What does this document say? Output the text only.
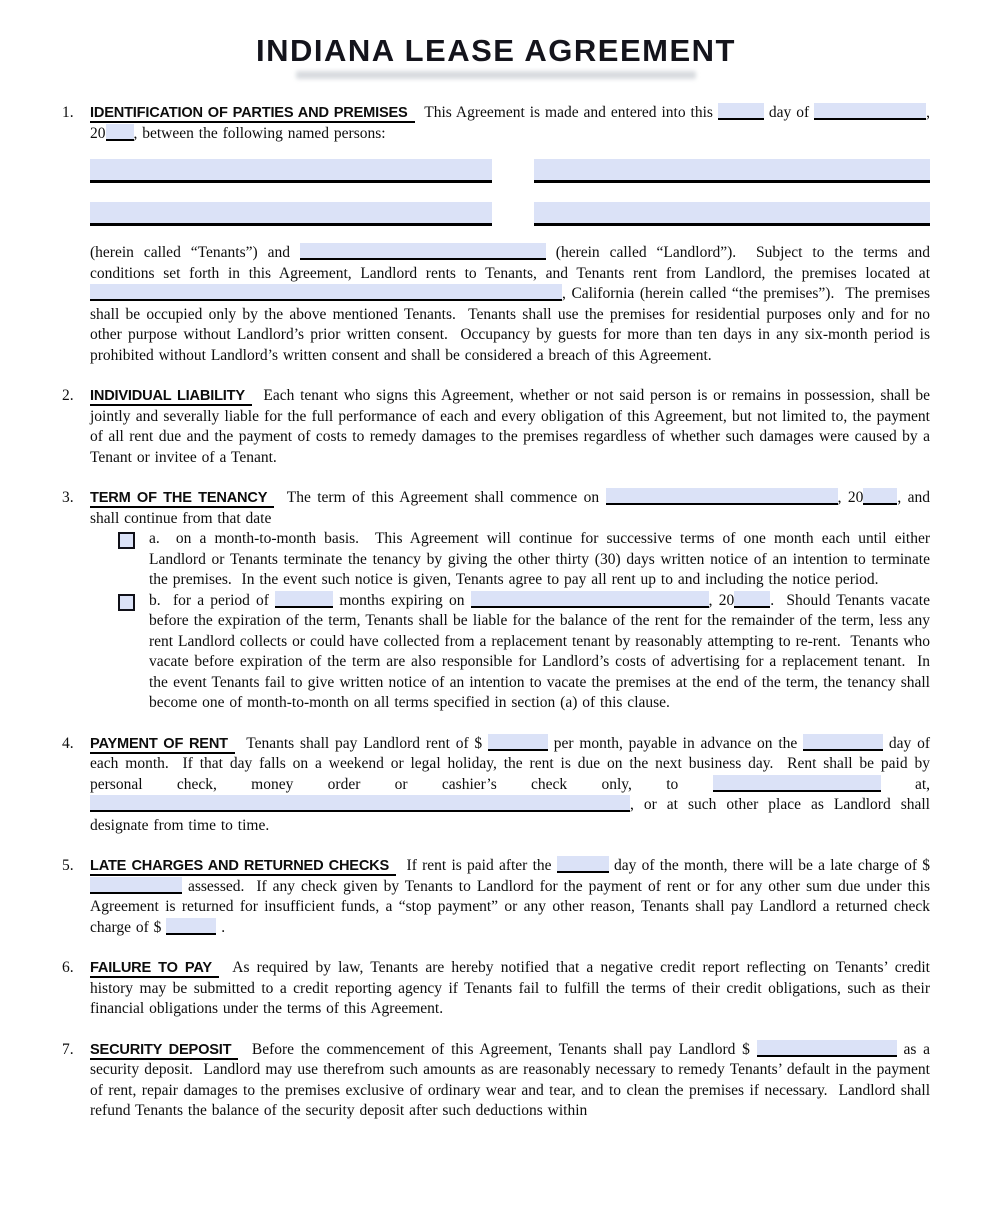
INDIANA LEASE AGREEMENT
1.	IDENTIFICATION OF PARTIES AND PREMISES This Agreement is made and entered into this	day of	, 20 , between the following named persons:

(herein called “Tenants”) and	(herein called “Landlord”).  Subject to the terms and conditions set forth in this Agreement, Landlord rents to Tenants, and Tenants rent from Landlord, the premises located at , California (herein called “the premises”).  The premises shall be occupied only by the above mentioned Tenants.  Tenants shall use the premises for residential purposes only and for no other purpose without Landlord’s prior written consent.  Occupancy by guests for more than ten days in any six-month period is prohibited without Landlord’s written consent and shall be considered a breach of this Agreement.

2.	INDIVIDUAL LIABILITY Each tenant who signs this Agreement, whether or not said person is or remains in possession, shall be jointly and severally liable for the full performance of each and every obligation of this Agreement, but not limited to, the payment of all rent due and the payment of costs to remedy damages to the premises regardless of whether such damages were caused by a Tenant or invitee of a Tenant.

3.	TERM OF THE TENANCY The term of this Agreement shall commence on	, 20 , and shall continue from that date

a.  on a month-to-month basis.  This Agreement will continue for successive terms of one month each until either Landlord or Tenants terminate the tenancy by giving the other thirty (30) days written notice of an intention to terminate the premises.  In the event such notice is given, Tenants agree to pay all rent up to and including the notice period.

b.  for a period of	months expiring on	, 20 .  Should Tenants vacate before the expiration of the term, Tenants shall be liable for the balance of the rent for the remainder of the term, less any rent Landlord collects or could have collected from a replacement tenant by reasonably attempting to re-rent.  Tenants who vacate before expiration of the term are also responsible for Landlord’s costs of advertising for a replacement tenant.  In the event Tenants fail to give written notice of an intention to vacate the premises at the end of the term, the tenancy shall become one of month-to-month on all terms specified in section (a) of this clause.

4.	PAYMENT OF RENT Tenants shall pay Landlord rent of $	per month, payable in advance on the	day of each month.  If that day falls on a weekend or legal holiday, the rent is due on the next business day.  Rent shall be paid by personal check, money order or cashier’s check only, to	at, , or at such other place as Landlord shall designate from time to time.

5.	LATE CHARGES AND RETURNED CHECKS If rent is paid after the	day of the month, there will be a late charge of $  assessed.  If any check given by Tenants to Landlord for the payment of rent or for any other sum due under this Agreement is returned for insufficient funds, a “stop payment” or any other reason, Tenants shall pay Landlord a returned check charge of $	.

6.	FAILURE TO PAY As required by law, Tenants are hereby notified that a negative credit report reflecting on Tenants’ credit history may be submitted to a credit reporting agency if Tenants fail to fulfill the terms of their credit obligations, such as their financial obligations under the terms of this Agreement.

7.	SECURITY DEPOSIT Before the commencement of this Agreement, Tenants shall pay Landlord $	as a security deposit.  Landlord may use therefrom such amounts as are reasonably necessary to remedy Tenants’ default in the payment of rent, repair damages to the premises exclusive of ordinary wear and tear, and to clean the premises if necessary.  Landlord shall refund Tenants the balance of the security deposit after such deductions within
